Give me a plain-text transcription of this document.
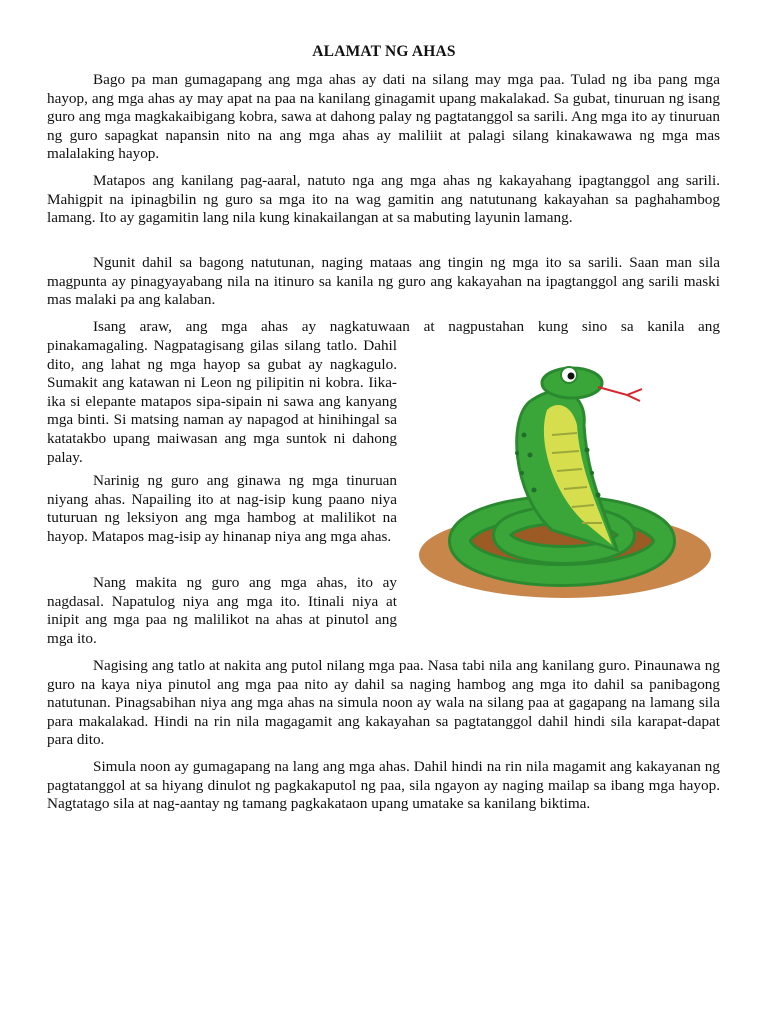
ALAMAT NG AHAS

Bago pa man gumagapang ang mga ahas ay dati na silang may mga paa. Tulad ng iba pang mga hayop, ang mga ahas ay may apat na paa na kanilang ginagamit upang makalakad. Sa gubat, tinuruan ng isang guro ang mga magkakaibigang kobra, sawa at dahong palay ng pagtatanggol sa sarili. Ang mga ito ay tinuruan ng guro sapagkat napansin nito na ang mga ahas ay maliliit at palagi silang kinakawawa ng mga mas malalaking hayop.

Matapos ang kanilang pag-aaral, natuto nga ang mga ahas ng kakayahang ipagtanggol ang sarili. Mahigpit na ipinagbilin ng guro sa mga ito na wag gamitin ang natutunang kakayahan sa paghahambog lamang. Ito ay gagamitin lang nila kung kinakailangan at sa mabuting layunin lamang.

Ngunit dahil sa bagong natutunan, naging mataas ang tingin ng mga ito sa sarili. Saan man sila magpunta ay pinagyayabang nila na itinuro sa kanila ng guro ang kakayahan na ipagtanggol ang sarili maski mas malaki pa ang kalaban.

Isang araw, ang mga ahas ay nagkatuwaan at nagpustahan kung sino sa kanila ang

pinakamagaling. Nagpatagisang gilas silang tatlo. Dahil dito, ang lahat ng mga hayop sa gubat ay nagkagulo. Sumakit ang katawan ni Leon ng pilipitin ni kobra. Iika-ika si elepante matapos sipa-sipain ni sawa ang kanyang mga binti. Si matsing naman ay napagod at hinihingal sa katatakbo upang maiwasan ang mga suntok ni dahong palay.

Narinig ng guro ang ginawa ng mga tinuruan niyang ahas. Napailing ito at nag-isip kung paano niya tuturuan ng leksiyon ang mga hambog at malilikot na hayop. Matapos mag-isip ay hinanap niya ang mga ahas.

Nang makita ng guro ang mga ahas, ito ay nagdasal. Napatulog niya ang mga ito. Itinali niya at inipit ang mga paa ng malilikot na ahas at pinutol ang mga ito.

Nagising ang tatlo at nakita ang putol nilang mga paa. Nasa tabi nila ang kanilang guro. Pinaunawa ng guro na kaya niya pinutol ang mga paa nito ay dahil sa naging hambog ang mga ito dahil sa panibagong natutunan. Pinagsabihan niya ang mga ahas na simula noon ay wala na silang paa at gagapang na lamang sila para makalakad. Hindi na rin nila magagamit ang kakayahan sa pagtatanggol dahil hindi sila karapat-dapat para dito.

Simula noon ay gumagapang na lang ang mga ahas. Dahil hindi na rin nila magamit ang kakayanan ng pagtatanggol at sa hiyang dinulot ng pagkakaputol ng paa, sila ngayon ay naging mailap sa ibang mga hayop. Nagtatago sila at nag-aantay ng tamang pagkakataon upang umatake sa kanilang biktima.
